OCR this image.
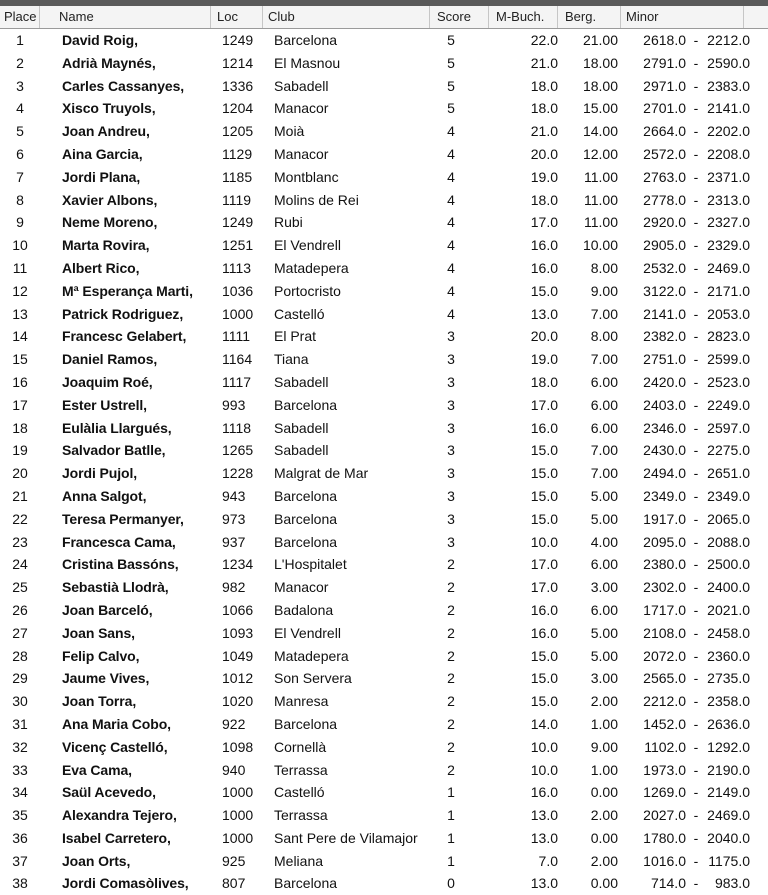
Place	Name	Loc	Club	Score	M-Buch.	Berg.	Minor
1	David Roig,	1249 Barcelona	5	22.0	21.00	2618.0 - 2212.0
2	Adrià Maynés,	1214 El Masnou	5	21.0	18.00	2791.0 - 2590.0
3	Carles Cassanyes,	1336 Sabadell	5	18.0	18.00	2971.0 - 2383.0
4	Xisco Truyols,	1204 Manacor	5	18.0	15.00	2701.0 - 2141.0
5	Joan Andreu,	1205 Moià	4	21.0	14.00	2664.0 - 2202.0
6	Aina Garcia,	1129 Manacor	4	20.0	12.00	2572.0 - 2208.0
7	Jordi Plana,	1185 Montblanc	4	19.0	11.00	2763.0 - 2371.0
8	Xavier Albons,	1119 Molins de Rei	4	18.0	11.00	2778.0 - 2313.0
9	Neme Moreno,	1249 Rubi	4	17.0	11.00	2920.0 - 2327.0
10	Marta Rovira,	1251 El Vendrell	4	16.0	10.00	2905.0 - 2329.0
11	Albert Rico,	1113 Matadepera	4	16.0	8.00	2532.0 - 2469.0
12	Mª Esperança Marti, 1036 Portocristo	4	15.0	9.00	3122.0 - 2171.0
13	Patrick Rodriguez,	1000 Castelló	4	13.0	7.00	2141.0 - 2053.0
14	Francesc Gelabert,	1111 El Prat	3	20.0	8.00	2382.0 - 2823.0
15	Daniel Ramos,	1164 Tiana	3	19.0	7.00	2751.0 - 2599.0
16	Joaquim Roé,	1117 Sabadell	3	18.0	6.00	2420.0 - 2523.0
17	Ester Ustrell,	993 Barcelona	3	17.0	6.00	2403.0 - 2249.0
18	Eulàlia Llargués,	1118 Sabadell	3	16.0	6.00	2346.0 - 2597.0
19	Salvador Batlle,	1265 Sabadell	3	15.0	7.00	2430.0 - 2275.0
20	Jordi Pujol,	1228 Malgrat de Mar	3	15.0	7.00	2494.0 - 2651.0
21	Anna Salgot,	943 Barcelona	3	15.0	5.00	2349.0 - 2349.0
22	Teresa Permanyer,	973 Barcelona	3	15.0	5.00	1917.0 - 2065.0
23	Francesca Cama,	937 Barcelona	3	10.0	4.00	2095.0 - 2088.0
24	Cristina Bassóns,	1234 L'Hospitalet	2	17.0	6.00	2380.0 - 2500.0
25	Sebastià Llodrà,	982 Manacor	2	17.0	3.00	2302.0 - 2400.0
26	Joan Barceló,	1066 Badalona	2	16.0	6.00	1717.0 - 2021.0
27	Joan Sans,	1093 El Vendrell	2	16.0	5.00	2108.0 - 2458.0
28	Felip Calvo,	1049 Matadepera	2	15.0	5.00	2072.0 - 2360.0
29	Jaume Vives,	1012 Son Servera	2	15.0	3.00	2565.0 - 2735.0
30	Joan Torra,	1020 Manresa	2	15.0	2.00	2212.0 - 2358.0
31	Ana Maria Cobo,	922 Barcelona	2	14.0	1.00	1452.0 - 2636.0
32	Vicenç Castelló,	1098 Cornellà	2	10.0	9.00	1102.0 - 1292.0
33	Eva Cama,	940 Terrassa	2	10.0	1.00	1973.0 - 2190.0
34	Saül Acevedo,	1000 Castelló	1	16.0	0.00	1269.0 - 2149.0
35	Alexandra Tejero,	1000 Terrassa	1	13.0	2.00	2027.0 - 2469.0
36	Isabel Carretero,	1000 Sant Pere de Vilamajor	1	13.0	0.00	1780.0 - 2040.0
37	Joan Orts,	925 Meliana	1	7.0	2.00	1016.0 - 1175.0
38	Jordi Comasòlives, 807 Barcelona	0	13.0	0.00	714.0 -	983.0
